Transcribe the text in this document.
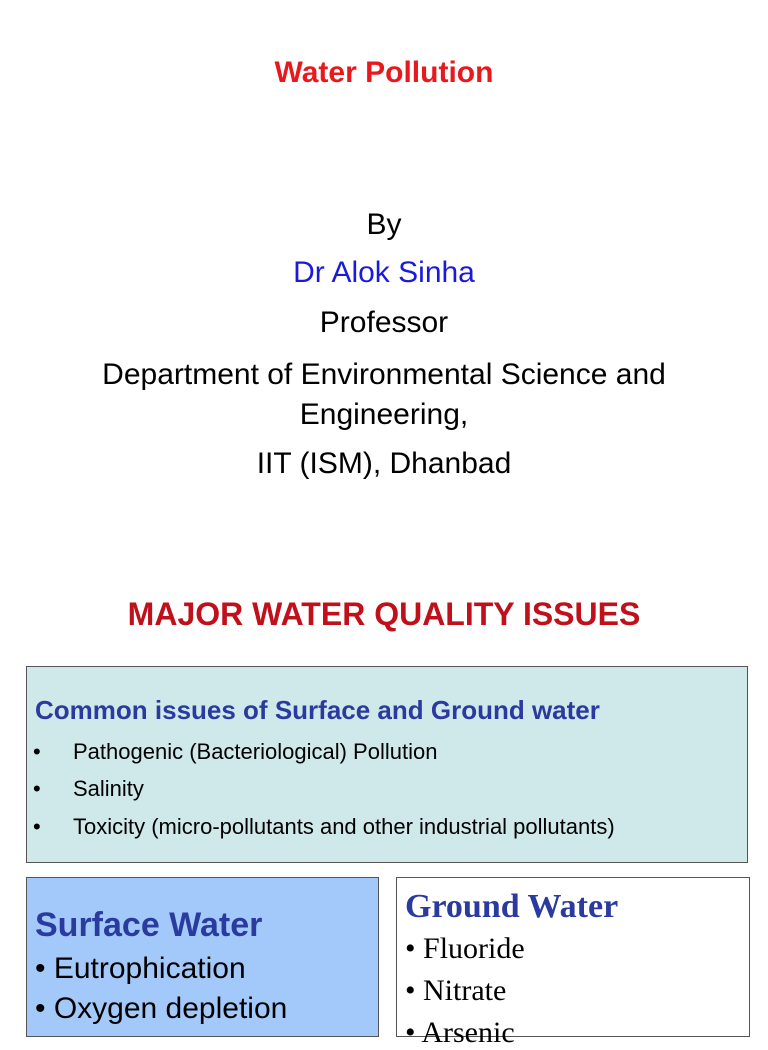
Water Pollution
By
Dr Alok Sinha
Professor
Department of Environmental Science and Engineering,
IIT (ISM), Dhanbad
MAJOR WATER QUALITY ISSUES
Common issues of Surface and Ground water
• Pathogenic (Bacteriological) Pollution
• Salinity
• Toxicity (micro-pollutants and other industrial pollutants)
Surface Water
• Eutrophication
• Oxygen depletion
Ground Water
• Fluoride
• Nitrate
• Arsenic
